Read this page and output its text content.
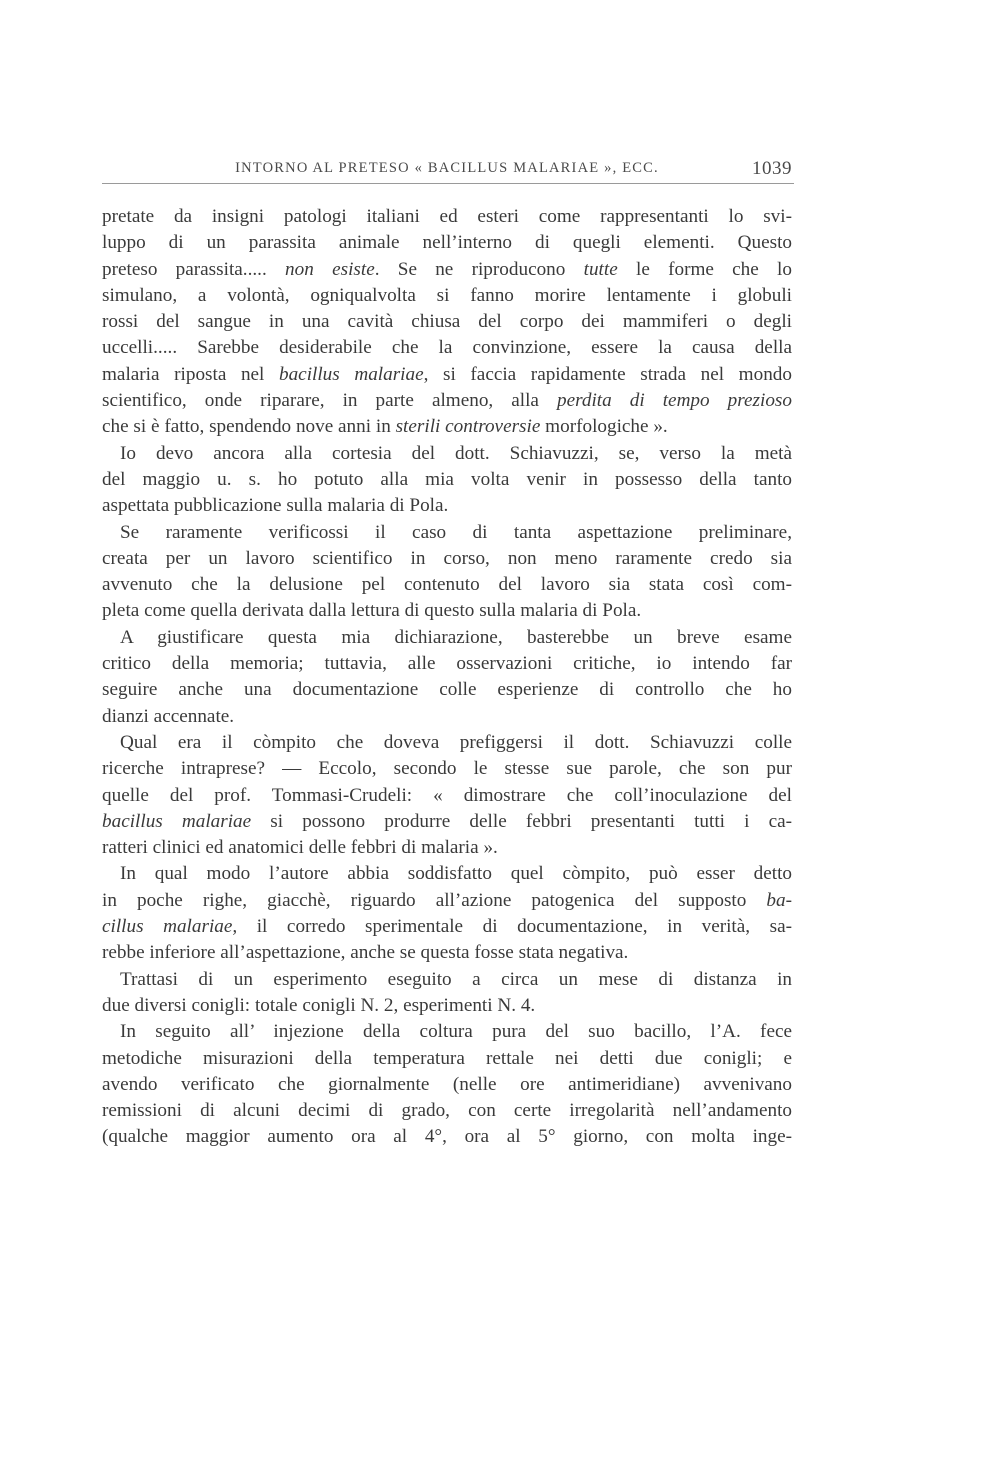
INTORNO AL PRETESO « BACILLUS MALARIAE », ECC.	1039
pretate da insigni patologi italiani ed esteri come rappresentanti lo svi-
luppo di un parassita animale nell’interno di quegli elementi. Questo
preteso parassita..... non esiste. Se ne riproducono tutte le forme che lo
simulano, a volontà, ogniqualvolta si fanno morire lentamente i globuli
rossi del sangue in una cavità chiusa del corpo dei mammiferi o degli
uccelli..... Sarebbe desiderabile che la convinzione, essere la causa della
malaria riposta nel bacillus malariae, si faccia rapidamente strada nel mondo
scientifico, onde riparare, in parte almeno, alla perdita di tempo prezioso
che si è fatto, spendendo nove anni in sterili controversie morfologiche ».
Io devo ancora alla cortesia del dott. Schiavuzzi, se, verso la metà
del maggio u. s. ho potuto alla mia volta venir in possesso della tanto
aspettata pubblicazione sulla malaria di Pola.
Se raramente verificossi il caso di tanta aspettazione preliminare,
creata per un lavoro scientifico in corso, non meno raramente credo sia
avvenuto che la delusione pel contenuto del lavoro sia stata così com-
pleta come quella derivata dalla lettura di questo sulla malaria di Pola.
A giustificare questa mia dichiarazione, basterebbe un breve esame
critico della memoria; tuttavia, alle osservazioni critiche, io intendo far
seguire anche una documentazione colle esperienze di controllo che ho
dianzi accennate.
Qual era il còmpito che doveva prefiggersi il dott. Schiavuzzi colle
ricerche intraprese? — Eccolo, secondo le stesse sue parole, che son pur
quelle del prof. Tommasi-Crudeli: « dimostrare che coll’inoculazione del
bacillus malariae si possono produrre delle febbri presentanti tutti i ca-
ratteri clinici ed anatomici delle febbri di malaria ».
In qual modo l’autore abbia soddisfatto quel còmpito, può esser detto
in poche righe, giacchè, riguardo all’azione patogenica del supposto ba-
cillus malariae, il corredo sperimentale di documentazione, in verità, sa-
rebbe inferiore all’aspettazione, anche se questa fosse stata negativa.
Trattasi di un esperimento eseguito a circa un mese di distanza in
due diversi conigli: totale conigli N. 2, esperimenti N. 4.
In seguito all’ injezione della coltura pura del suo bacillo, l’A. fece
metodiche misurazioni della temperatura rettale nei detti due conigli; e
avendo verificato che giornalmente (nelle ore antimeridiane) avvenivano
remissioni di alcuni decimi di grado, con certe irregolarità nell’andamento
(qualche maggior aumento ora al 4°, ora al 5° giorno, con molta inge-
